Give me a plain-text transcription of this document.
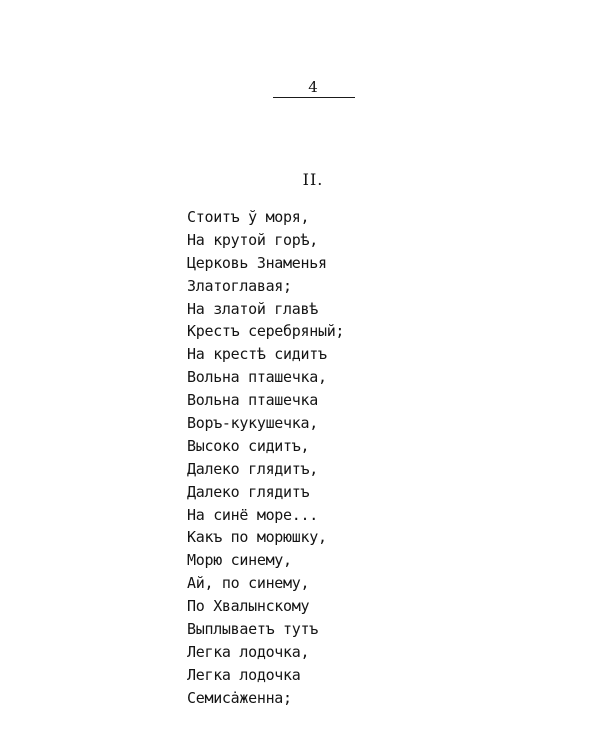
4
II.
Стоитъ ў моря,
На крутой горѣ,
Церковь Знаменья
Златоглавая;
На златой главѣ
Крестъ серебряный;
На крестѣ сидитъ
Вольна пташечка,
Вольна пташечка
Воръ-кукушечка,
Высоко сидитъ,
Далеко глядитъ,
Далеко глядитъ
На синё море...
Какъ по морюшку,
Морю синему,
Ай, по синему,
По Хвалынскому
Выплываетъ тутъ
Легка лодочка,
Легка лодочка
Семисȧженна;
